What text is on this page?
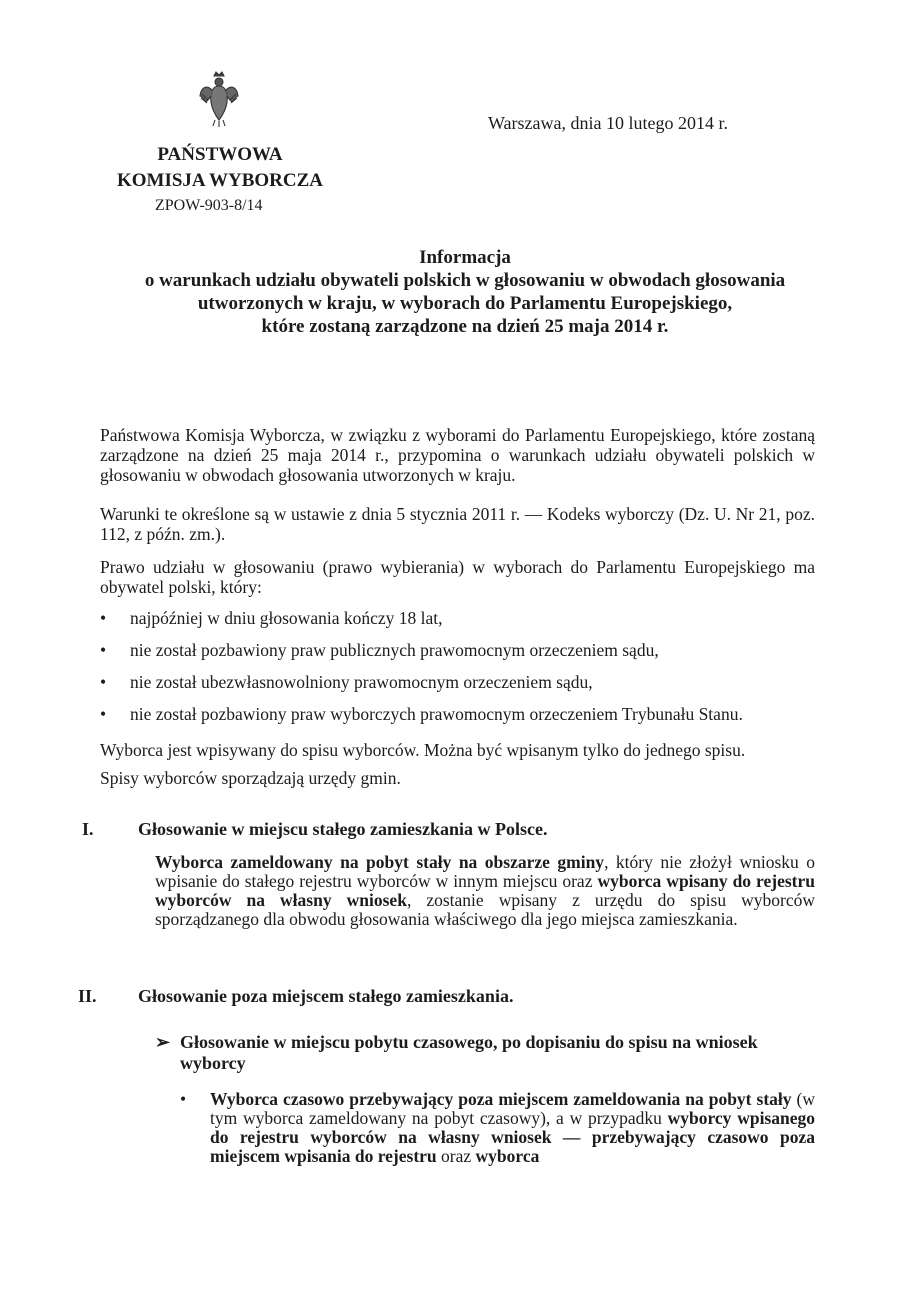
PAŃSTWOWA
KOMISJA WYBORCZA
ZPOW-903-8/14
Warszawa, dnia 10 lutego 2014 r.
Informacja
o warunkach udziału obywateli polskich w głosowaniu w obwodach głosowania
utworzonych w kraju, w wyborach do Parlamentu Europejskiego,
które zostaną zarządzone na dzień 25 maja 2014 r.

Państwowa Komisja Wyborcza, w związku z wyborami do Parlamentu Europejskiego, które zostaną zarządzone na dzień 25 maja 2014 r., przypomina o warunkach udziału obywateli polskich w głosowaniu w obwodach głosowania utworzonych w kraju.

Warunki te określone są w ustawie z dnia 5 stycznia 2011 r. — Kodeks wyborczy (Dz. U. Nr 21, poz. 112, z późn. zm.).

Prawo udziału w głosowaniu (prawo wybierania) w wyborach do Parlamentu Europejskiego ma obywatel polski, który:

• najpóźniej w dniu głosowania kończy 18 lat,
• nie został pozbawiony praw publicznych prawomocnym orzeczeniem sądu,
• nie został ubezwłasnowolniony prawomocnym orzeczeniem sądu,
• nie został pozbawiony praw wyborczych prawomocnym orzeczeniem Trybunału Stanu.
Wyborca jest wpisywany do spisu wyborców. Można być wpisanym tylko do jednego spisu.
Spisy wyborców sporządzają urzędy gmin.
I. Głosowanie w miejscu stałego zamieszkania w Polsce.
Wyborca zameldowany na pobyt stały na obszarze gminy, który nie złożył wniosku o wpisanie do stałego rejestru wyborców w innym miejscu oraz wyborca wpisany do rejestru wyborców na własny wniosek, zostanie wpisany z urzędu do spisu wyborców sporządzanego dla obwodu głosowania właściwego dla jego miejsca zamieszkania.
II. Głosowanie poza miejscem stałego zamieszkania.
➢ Głosowanie w miejscu pobytu czasowego, po dopisaniu do spisu na wniosek wyborcy
•	Wyborca czasowo przebywający poza miejscem zameldowania na pobyt stały (w tym wyborca zameldowany na pobyt czasowy), a w przypadku wyborcy wpisanego do rejestru wyborców na własny wniosek — przebywający czasowo poza miejscem wpisania do rejestru oraz wyborca
